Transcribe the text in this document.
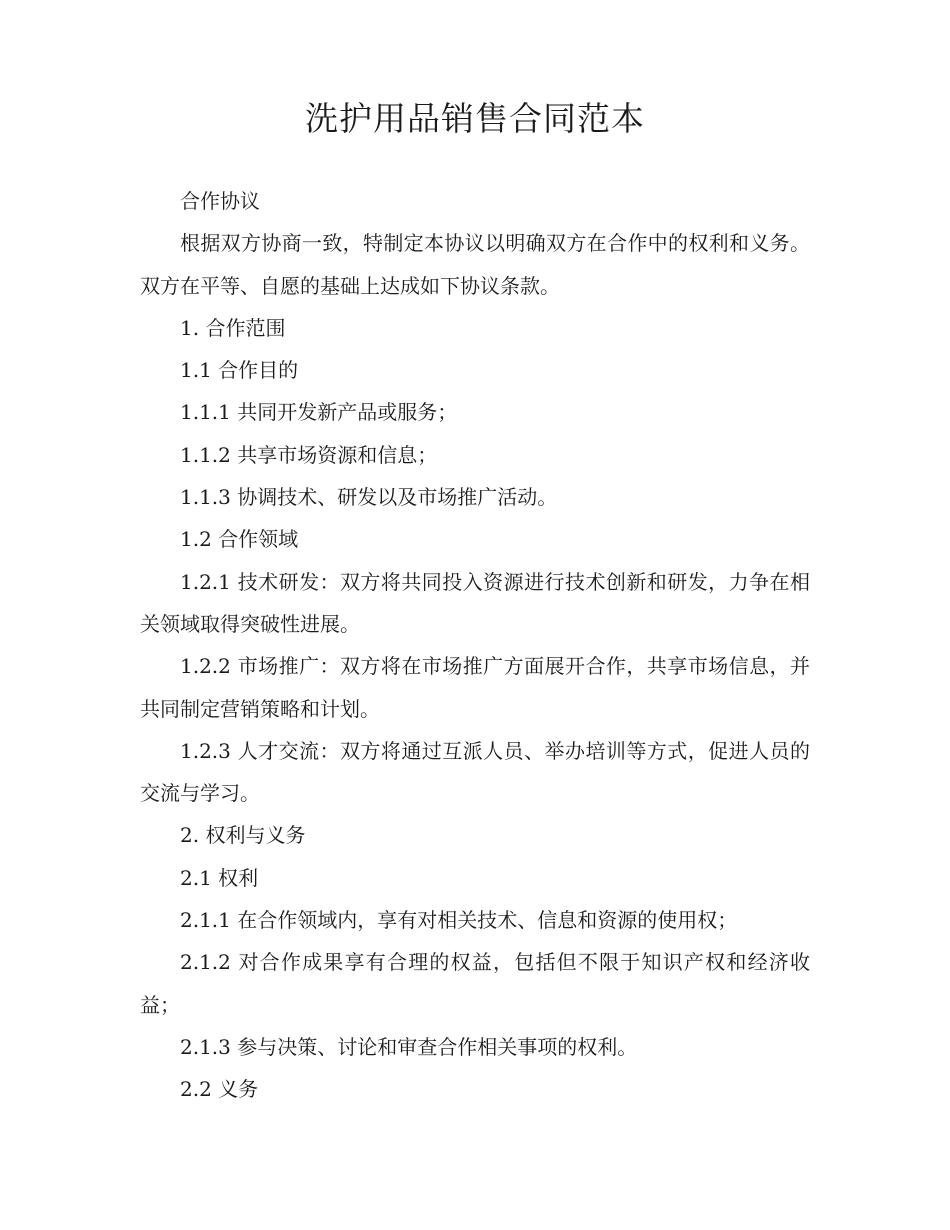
洗护用品销售合同范本

合作协议

根据双方协商一致，特制定本协议以明确双方在合作中的权利和义务。双方在平等、自愿的基础上达成如下协议条款。

1. 合作范围

1.1 合作目的

1.1.1 共同开发新产品或服务；

1.1.2 共享市场资源和信息；

1.1.3 协调技术、研发以及市场推广活动。

1.2 合作领域

1.2.1 技术研发：双方将共同投入资源进行技术创新和研发，力争在相关领域取得突破性进展。

1.2.2 市场推广：双方将在市场推广方面展开合作，共享市场信息，并共同制定营销策略和计划。

1.2.3 人才交流：双方将通过互派人员、举办培训等方式，促进人员的交流与学习。

2. 权利与义务

2.1 权利

2.1.1 在合作领域内，享有对相关技术、信息和资源的使用权；

2.1.2 对合作成果享有合理的权益，包括但不限于知识产权和经济收益；

2.1.3 参与决策、讨论和审查合作相关事项的权利。

2.2 义务
